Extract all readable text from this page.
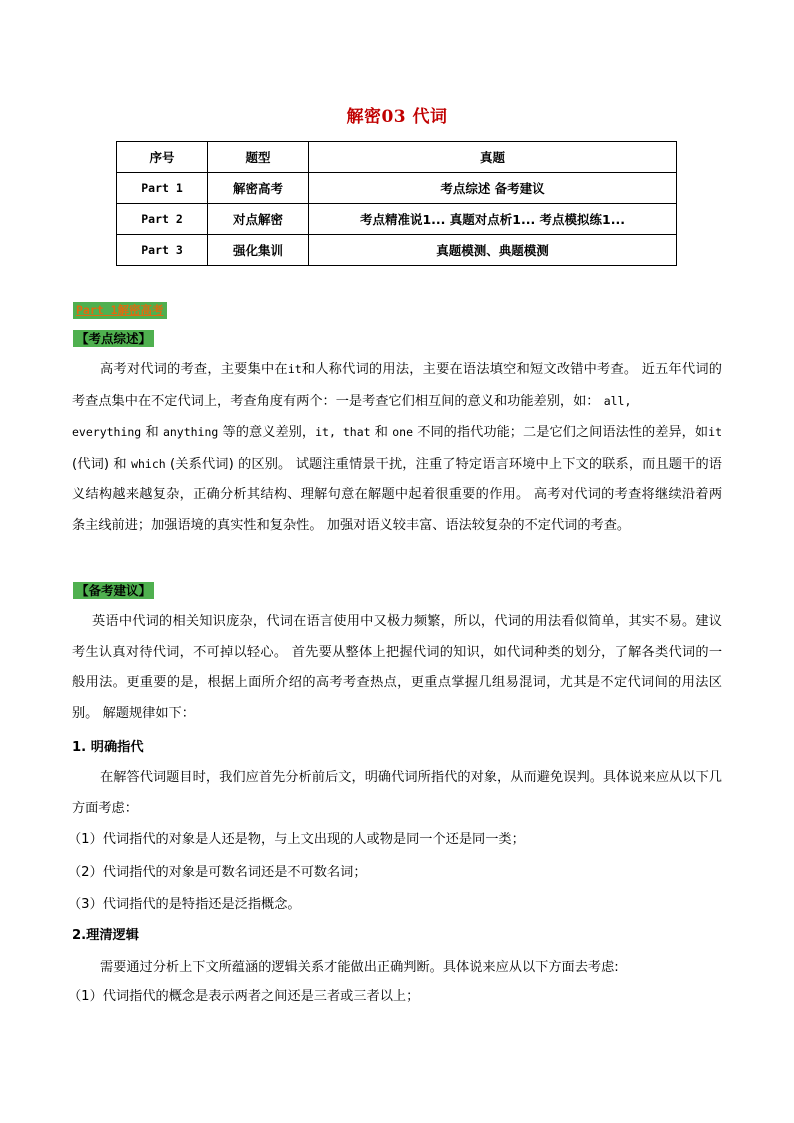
解密03 代词
序号	题型	真题
Part 1	解密高考	考点综述 备考建议
Part 2	对点解密	考点精准说1... 真题对点析1... 考点模拟练1...
Part 3	强化集训	真题模测、典题模测
Part 1解密高考
【考点综述】

高考对代词的考查，主要集中在it和人称代词的用法，主要在语法填空和短文改错中考查。 近五年代词的考查点集中在不定代词上，考查角度有两个：一是考查它们相互间的意义和功能差别，如： all,
everything 和 anything 等的意义差别，it, that 和 one 不同的指代功能；二是它们之间语法性的差异，如it (代词) 和 which (关系代词) 的区别。 试题注重情景干扰，注重了特定语言环境中上下文的联系，而且题干的语义结构越来越复杂，正确分析其结构、理解句意在解题中起着很重要的作用。 高考对代词的考查将继续沿着两条主线前进；加强语境的真实性和复杂性。 加强对语义较丰富、语法较复杂的不定代词的考查。

【备考建议】

英语中代词的相关知识庞杂，代词在语言使用中又极力频繁，所以，代词的用法看似简单，其实不易。建议考生认真对待代词，不可掉以轻心。 首先要从整体上把握代词的知识，如代词种类的划分，了解各类代词的一般用法。更重要的是，根据上面所介绍的高考考查热点，更重点掌握几组易混词，尤其是不定代词间的用法区别。 解题规律如下：

1. 明确指代

在解答代词题目时，我们应首先分析前后文，明确代词所指代的对象，从而避免误判。具体说来应从以下几方面考虑：

（1）代词指代的对象是人还是物，与上文出现的人或物是同一个还是同一类；
（2）代词指代的对象是可数名词还是不可数名词；
（3）代词指代的是特指还是泛指概念。
2.理清逻辑
需要通过分析上下文所蕴涵的逻辑关系才能做出正确判断。具体说来应从以下方面去考虑:
（1）代词指代的概念是表示两者之间还是三者或三者以上；
